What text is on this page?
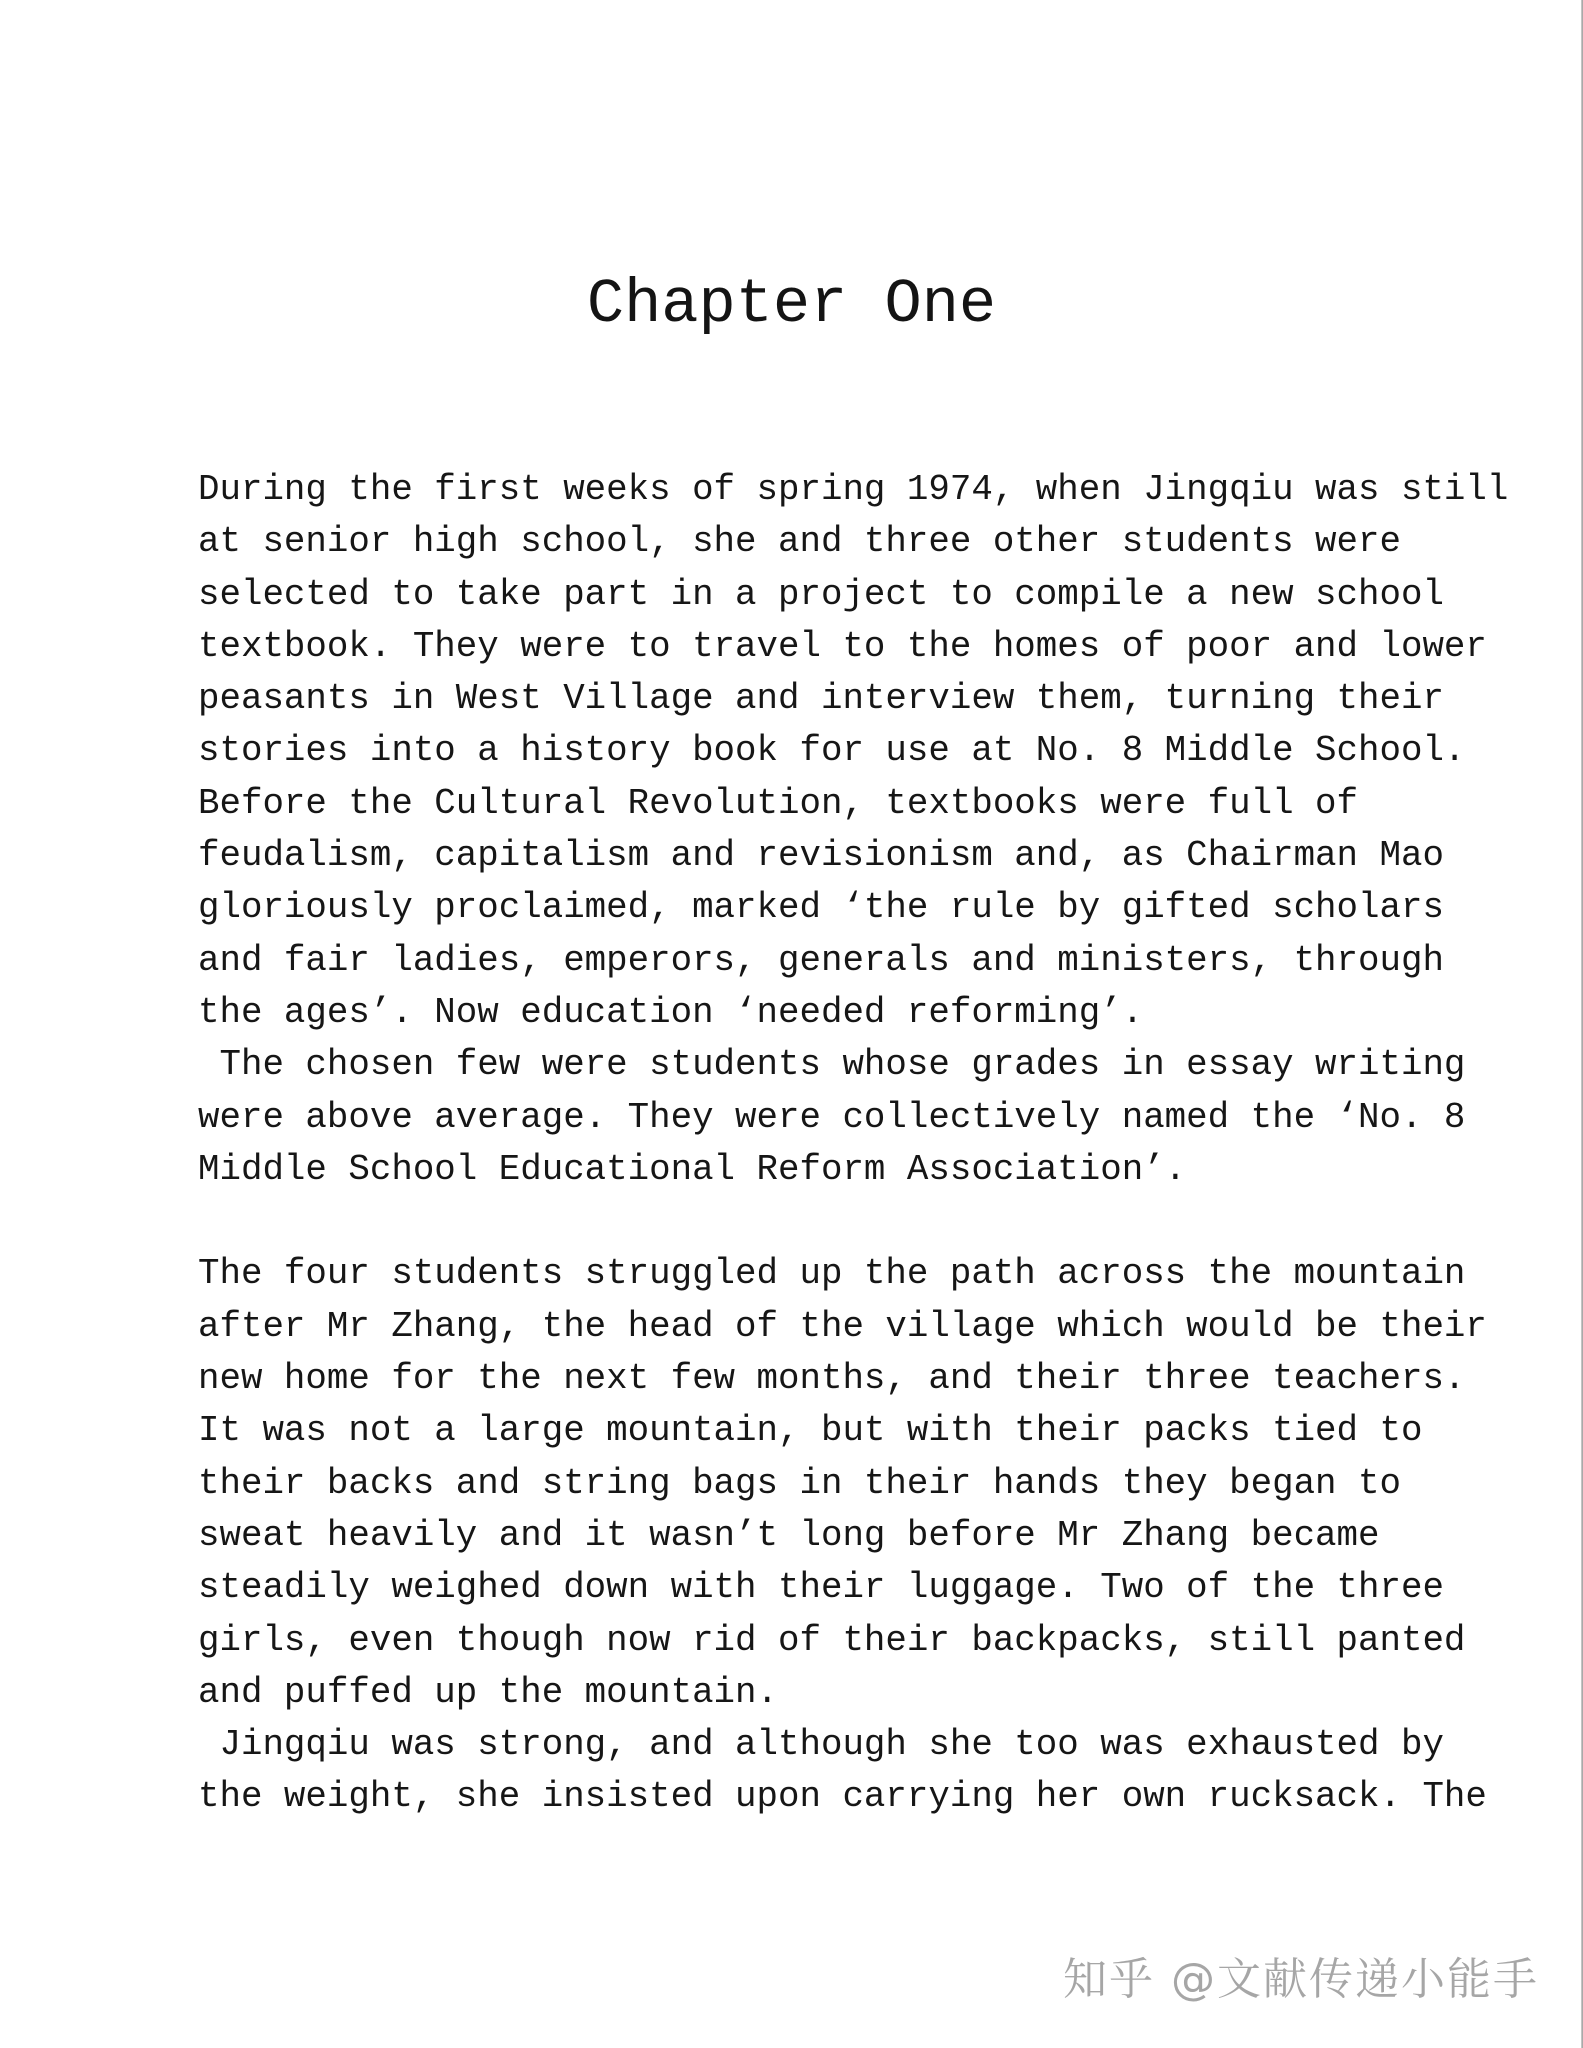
Chapter One
During the first weeks of spring 1974, when Jingqiu was still
at senior high school, she and three other students were
selected to take part in a project to compile a new school
textbook. They were to travel to the homes of poor and lower
peasants in West Village and interview them, turning their
stories into a history book for use at No. 8 Middle School.
Before the Cultural Revolution, textbooks were full of
feudalism, capitalism and revisionism and, as Chairman Mao
gloriously proclaimed, marked ‘the rule by gifted scholars
and fair ladies, emperors, generals and ministers, through
the ages’. Now education ‘needed reforming’.
The chosen few were students whose grades in essay writing
were above average. They were collectively named the ‘No. 8
Middle School Educational Reform Association’.
The four students struggled up the path across the mountain
after Mr Zhang, the head of the village which would be their
new home for the next few months, and their three teachers.
It was not a large mountain, but with their packs tied to
their backs and string bags in their hands they began to
sweat heavily and it wasn’t long before Mr Zhang became
steadily weighed down with their luggage. Two of the three
girls, even though now rid of their backpacks, still panted
and puffed up the mountain.
Jingqiu was strong, and although she too was exhausted by
the weight, she insisted upon carrying her own rucksack. The
知乎 @文献传递小能手
